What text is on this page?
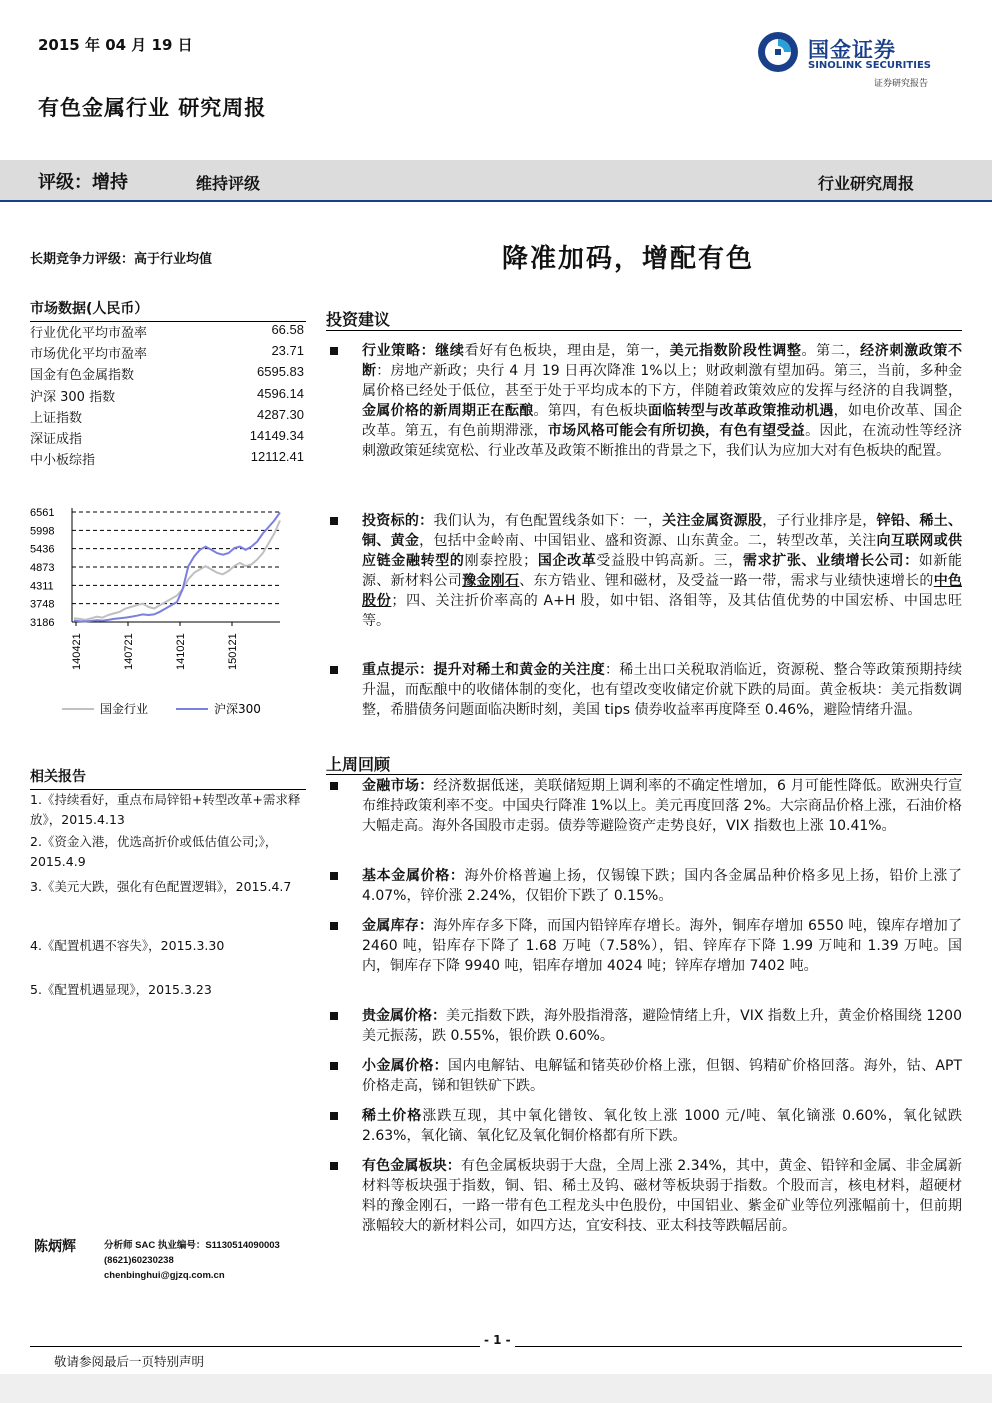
2015 年 04 月 19 日
有色金属行业 研究周报
国金证券
SINOLINK SECURITIES
证券研究报告
评级：增持	维持评级	行业研究周报
长期竞争力评级：高于行业均值	降准加码，增配有色
市场数据(人民币）
行业优化平均市盈率	66.58
市场优化平均市盈率	23.71
国金有色金属指数	6595.83
沪深 300 指数	4596.14
上证指数	4287.30
深证成指	14149.34
中小板综指	12112.41
6561
5998
5436
4873
4311
3748
3186
140421	140721	141021	150121
国金行业	沪深300
相关报告
1.《持续看好，重点布局锌铅+转型改革+需求释放》，2015.4.13
2.《资金入港，优选高折价或低估值公司;》，2015.4.9
3.《美元大跌，强化有色配置逻辑》，2015.4.7
4.《配置机遇不容失》，2015.3.30
5.《配置机遇显现》，2015.3.23
陈炳辉	分析师 SAC 执业编号：S1130514090003
(8621)60230238
chenbinghui@gjzq.com.cn
投资建议
行业策略：继续看好有色板块，理由是，第一，美元指数阶段性调整。第二，经济刺激政策不断：房地产新政；央行 4 月 19 日再次降准 1%以上；财政刺激有望加码。第三，当前，多种金属价格已经处于低位，甚至于处于平均成本的下方，伴随着政策效应的发挥与经济的自我调整，金属价格的新周期正在酝酿。第四，有色板块面临转型与改革政策推动机遇，如电价改革、国企改革。第五，有色前期滞涨，市场风格可能会有所切换，有色有望受益。因此，在流动性等经济刺激政策延续宽松、行业改革及政策不断推出的背景之下，我们认为应加大对有色板块的配置。
投资标的：我们认为，有色配置线条如下：一，关注金属资源股，子行业排序是，锌铅、稀土、铜、黄金，包括中金岭南、中国铝业、盛和资源、山东黄金。二，转型改革，关注向互联网或供应链金融转型的刚泰控股；国企改革受益股中钨高新。三，需求扩张、业绩增长公司：如新能源、新材料公司豫金刚石、东方锆业、锂和磁材，及受益一路一带，需求与业绩快速增长的中色股份；四、关注折价率高的 A+H 股，如中铝、洛钼等，及其估值优势的中国宏桥、中国忠旺等。
重点提示：提升对稀土和黄金的关注度：稀土出口关税取消临近，资源税、整合等政策预期持续升温，而酝酿中的收储体制的变化，也有望改变收储定价就下跌的局面。黄金板块：美元指数调整，希腊债务问题面临决断时刻，美国 tips 债券收益率再度降至 0.46%，避险情绪升温。
上周回顾
金融市场：经济数据低迷，美联储短期上调利率的不确定性增加，6 月可能性降低。欧洲央行宣布维持政策利率不变。中国央行降准 1%以上。美元再度回落 2%。大宗商品价格上涨，石油价格大幅走高。海外各国股市走弱。债券等避险资产走势良好，VIX 指数也上涨 10.41%。
基本金属价格：海外价格普遍上扬，仅锡镍下跌；国内各金属品种价格多见上扬，铅价上涨了 4.07%，锌价涨 2.24%，仅铝价下跌了 0.15%。
金属库存：海外库存多下降，而国内铅锌库存增长。海外，铜库存增加 6550 吨，镍库存增加了 2460 吨，铅库存下降了 1.68 万吨（7.58%），铝、锌库存下降 1.99 万吨和 1.39 万吨。国内，铜库存下降 9940 吨，铝库存增加 4024 吨；锌库存增加 7402 吨。
贵金属价格：美元指数下跌，海外股指滑落，避险情绪上升，VIX 指数上升，黄金价格围绕 1200 美元振荡，跌 0.55%，银价跌 0.60%。
小金属价格：国内电解钴、电解锰和锗英砂价格上涨，但铟、钨精矿价格回落。海外，钴、APT 价格走高，锑和钽铁矿下跌。
稀土价格涨跌互现，其中氧化镨钕、氧化钕上涨 1000 元/吨、氧化镝涨 0.60%，氧化铽跌 2.63%，氧化镝、氧化钇及氧化铜价格都有所下跌。
有色金属板块：有色金属板块弱于大盘，全周上涨 2.34%，其中，黄金、铅锌和金属、非金属新材料等板块强于指数，铜、铝、稀土及钨、磁材等板块弱于指数。个股而言，核电材料，超硬材料的豫金刚石，一路一带有色工程龙头中色股份，中国铝业、紫金矿业等位列涨幅前十，但前期涨幅较大的新材料公司，如四方达，宜安科技、亚太科技等跌幅居前。
- 1 -
敬请参阅最后一页特别声明
